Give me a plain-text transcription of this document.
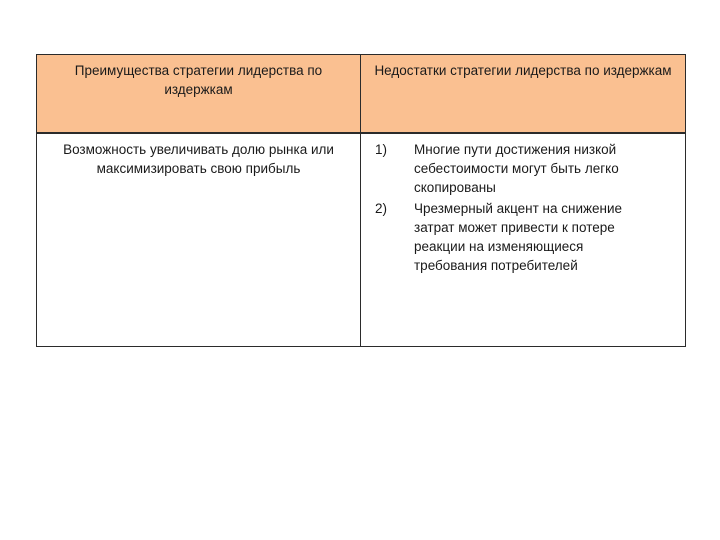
Преимущества стратегии лидерства по издержкам
Недостатки стратегии лидерства по издержкам
Возможность увеличивать долю рынка или максимизировать свою прибыль
1)	Многие пути достижения низкой себестоимости могут быть легко скопированы
2)	Чрезмерный акцент на снижение затрат может привести к потере реакции на изменяющиеся требования потребителей
